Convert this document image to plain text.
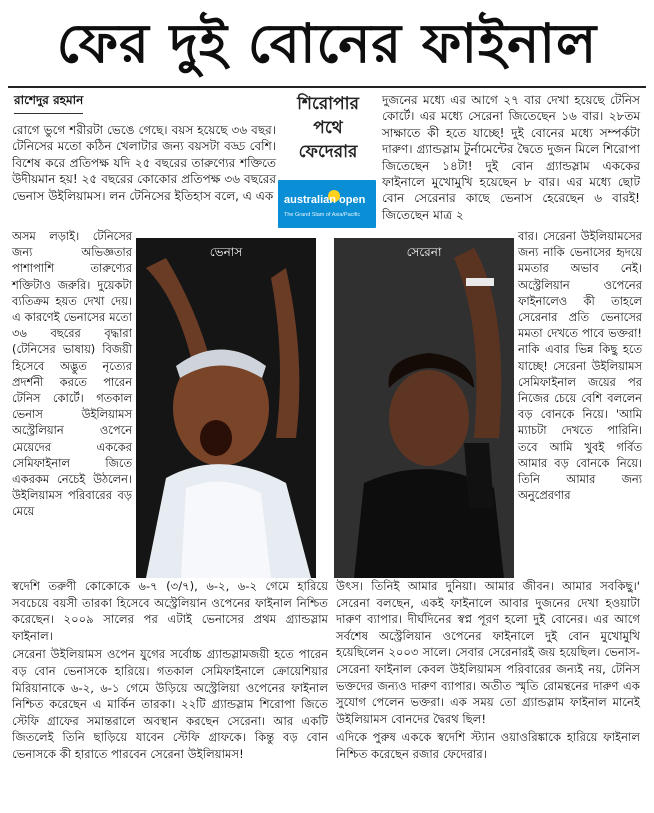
ফের দুই বোনের ফাইনাল
রাশেদুর রহমান

রোগে ভুগে শরীরটা ভেঙে গেছে। বয়স হয়েছে ৩৬ বছর। টেনিসের মতো কঠিন খেলাটার জন্য বয়সটা বড্ড বেশি। বিশেষ করে প্রতিপক্ষ যদি ২৫ বছরের তারুণ্যের শক্তিতে উদীয়মান হয়! ২৫ বছরের কোকোর প্রতিপক্ষ ৩৬ বছরের ভেনাস উইলিয়ামস। লন টেনিসের ইতিহাস বলে, এ এক

শিরোপার
পথে
ফেদেরার
australian open
The Grand Slam of Asia/Pacific

দুজনের মধ্যে এর আগে ২৭ বার দেখা হয়েছে টেনিস কোর্টে। এর মধ্যে সেরেনা জিতেছেন ১৬ বার। ২৮তম সাক্ষাতে কী হতে যাচ্ছে! দুই বোনের মধ্যে সম্পর্কটা দারুণ। গ্র্যান্ডস্লাম টুর্নামেন্টের দ্বৈতে দুজন মিলে শিরোপা জিতেছেন ১৪টা! দুই বোন গ্র্যান্ডস্লাম এককের ফাইনালে মুখোমুখি হয়েছেন ৮ বার। এর মধ্যে ছোট বোন সেরেনার কাছে ভেনাস হেরেছেন ৬ বারই! জিতেছেন মাত্র ২

অসম লড়াই। টেনিসের জন্য অভিজ্ঞতার পাশাপাশি তারুণ্যের শক্তিটাও জরুরি। দুয়েকটা ব্যতিক্রম হয়ত দেখা দেয়। এ কারণেই ভেনাসের মতো ৩৬ বছরের বৃদ্ধারা (টেনিসের ভাষায়) বিজয়ী হিসেবে অদ্ভুত নৃত্যের প্রদর্শনী করতে পারেন টেনিস কোর্টে। গতকাল ভেনাস উইলিয়ামস অস্ট্রেলিয়ান ওপেনে মেয়েদের এককের সেমিফাইনাল জিতে একরকম নেচেই উঠলেন। উইলিয়ামস পরিবারের বড় মেয়ে

ভেনাস	সেরেনা

বার। সেরেনা উইলিয়ামসের জন্য নাকি ভেনাসের হৃদয়ে মমতার অভাব নেই। অস্ট্রেলিয়ান ওপেনের ফাইনালেও কী তাহলে সেরেনার প্রতি ভেনাসের মমতা দেখতে পাবে ভক্তরা! নাকি এবার ভিন্ন কিছু হতে যাচ্ছে! সেরেনা উইলিয়ামস সেমিফাইনাল জয়ের পর নিজের চেয়ে বেশি বললেন বড় বোনকে নিয়ে। 'আমি ম্যাচটা দেখতে পারিনি। তবে আমি খুবই গর্বিত আমার বড় বোনকে নিয়ে। তিনি আমার জন্য অনুপ্রেরণার

স্বদেশি তরুণী কোকোকে ৬-৭ (৩/৭), ৬-২, ৬-২ গেমে হারিয়ে সবচেয়ে বয়সী তারকা হিসেবে অস্ট্রেলিয়ান ওপেনের ফাইনাল নিশ্চিত করেছেন। ২০০৯ সালের পর এটাই ভেনাসের প্রথম গ্র্যান্ডস্লাম ফাইনাল।

সেরেনা উইলিয়ামস ওপেন যুগের সর্বোচ্চ গ্র্যান্ডস্লামজয়ী হতে পারেন বড় বোন ভেনাসকে হারিয়ে। গতকাল সেমিফাইনালে ক্রোয়েশিয়ার মিরিয়ানাকে ৬-২, ৬-১ গেমে উড়িয়ে অস্ট্রেলিয়া ওপেনের ফাইনাল নিশ্চিত করেছেন এ মার্কিন তারকা। ২২টি গ্র্যান্ডস্লাম শিরোপা জিতে স্টেফি গ্রাফের সমান্তরালে অবস্থান করছেন সেরেনা। আর একটি জিতলেই তিনি ছাড়িয়ে যাবেন স্টেফি গ্রাফকে। কিন্তু বড় বোন ভেনাসকে কী হারাতে পারবেন সেরেনা উইলিয়ামস!

উৎস। তিনিই আমার দুনিয়া। আমার জীবন। আমার সবকিছু।' সেরেনা বলছেন, একই ফাইনালে আবার দুজনের দেখা হওয়াটা দারুণ ব্যাপার। দীর্ঘদিনের স্বপ্ন পূরণ হলো দুই বোনের। এর আগে সর্বশেষ অস্ট্রেলিয়ান ওপেনের ফাইনালে দুই বোন মুখোমুখি হয়েছিলেন ২০০৩ সালে। সেবার সেরেনারই জয় হয়েছিল। ভেনাস-সেরেনা ফাইনাল কেবল উইলিয়ামস পরিবারের জন্যই নয়, টেনিস ভক্তদের জন্যও দারুণ ব্যাপার। অতীত স্মৃতি রোমন্থনের দারুণ এক সুযোগ পেলেন ভক্তরা। এক সময় তো গ্র্যান্ডস্লাম ফাইনাল মানেই উইলিয়ামস বোনদের দ্বৈরথ ছিল!

এদিকে পুরুষ এককে স্বদেশি স্ট্যান ওয়াওরিঙ্কাকে হারিয়ে ফাইনাল নিশ্চিত করেছেন রজার ফেদেরার।
